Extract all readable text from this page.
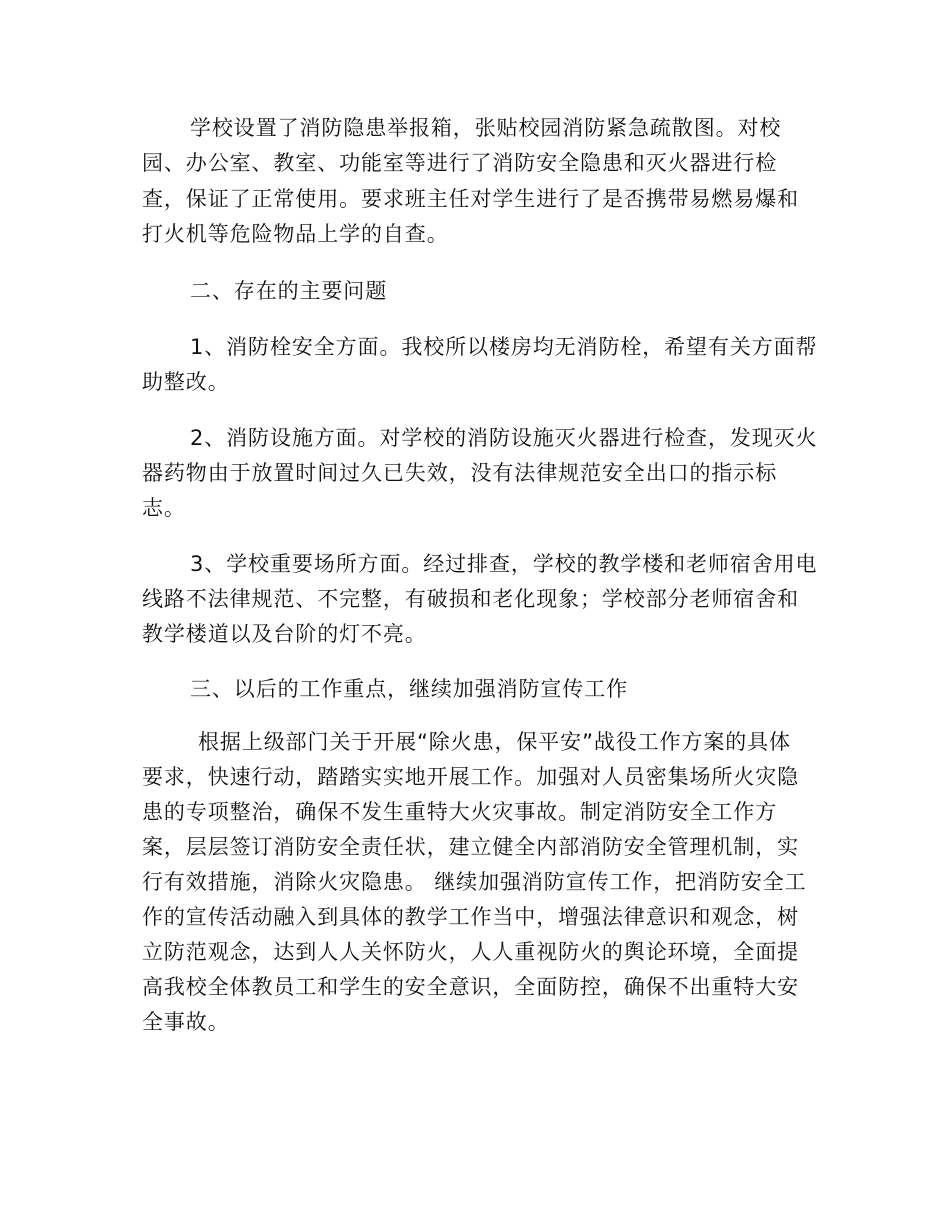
学校设置了消防隐患举报箱，张贴校园消防紧急疏散图。对校

园、办公室、教室、功能室等进行了消防安全隐患和灭火器进行检

查，保证了正常使用。要求班主任对学生进行了是否携带易燃易爆和

打火机等危险物品上学的自查。

二、存在的主要问题

1、消防栓安全方面。我校所以楼房均无消防栓，希望有关方面帮

助整改。

2、消防设施方面。对学校的消防设施灭火器进行检查，发现灭火

器药物由于放置时间过久已失效，没有法律规范安全出口的指示标

志。

3、学校重要场所方面。经过排查，学校的教学楼和老师宿舍用电

线路不法律规范、不完整，有破损和老化现象；学校部分老师宿舍和

教学楼道以及台阶的灯不亮。

三、以后的工作重点，继续加强消防宣传工作

根据上级部门关于开展“除火患，保平安”战役工作方案的具体

要求，快速行动，踏踏实实地开展工作。加强对人员密集场所火灾隐

患的专项整治，确保不发生重特大火灾事故。制定消防安全工作方

案，层层签订消防安全责任状，建立健全内部消防安全管理机制，实

行有效措施，消除火灾隐患。 继续加强消防宣传工作，把消防安全工

作的宣传活动融入到具体的教学工作当中，增强法律意识和观念，树

立防范观念，达到人人关怀防火，人人重视防火的舆论环境，全面提

高我校全体教员工和学生的安全意识，全面防控，确保不出重特大安

全事故。
